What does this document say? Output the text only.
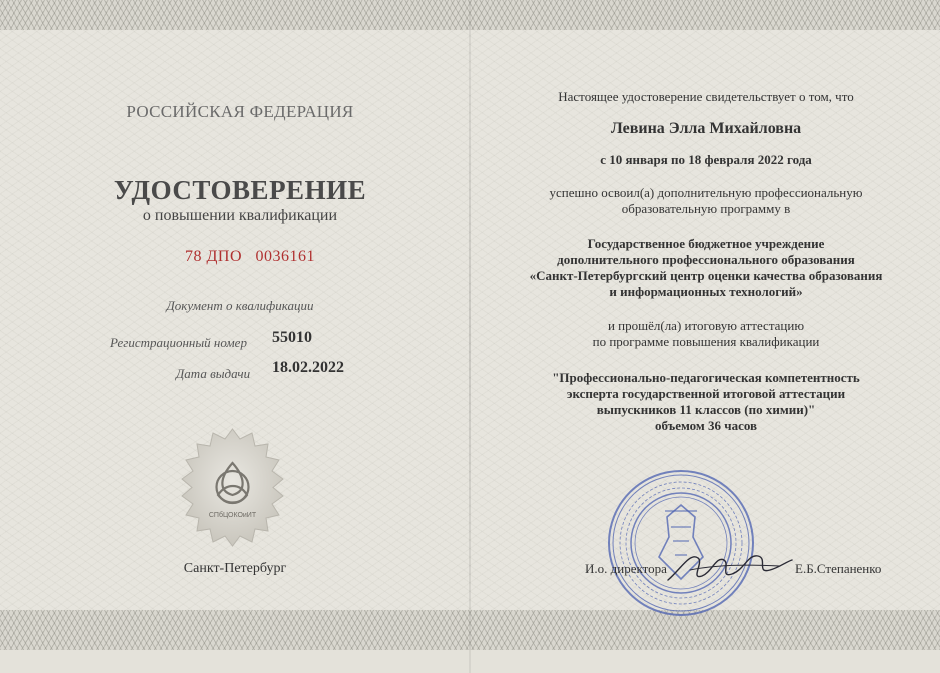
РОССИЙСКАЯ ФЕДЕРАЦИЯ
УДОСТОВЕРЕНИЕ
о повышении квалификации
78 ДПО   0036161
Документ о квалификации
Регистрационный номер 55010
Дата выдачи 18.02.2022
СПбЦОКОиИТ
Санкт-Петербург
Настоящее удостоверение свидетельствует о том, что
Левина Элла Михайловна
с 10 января по 18 февраля 2022 года
успешно освоил(а) дополнительную профессиональную
образовательную программу в
Государственное бюджетное учреждение
дополнительного профессионального образования
«Санкт-Петербургский центр оценки качества образования
и информационных технологий»
и прошёл(ла) итоговую аттестацию
по программе повышения квалификации
"Профессионально-педагогическая компетентность
эксперта государственной итоговой аттестации
выпускников 11 классов (по химии)"
объемом 36 часов
И.о. директора	Е.Б.Степаненко
